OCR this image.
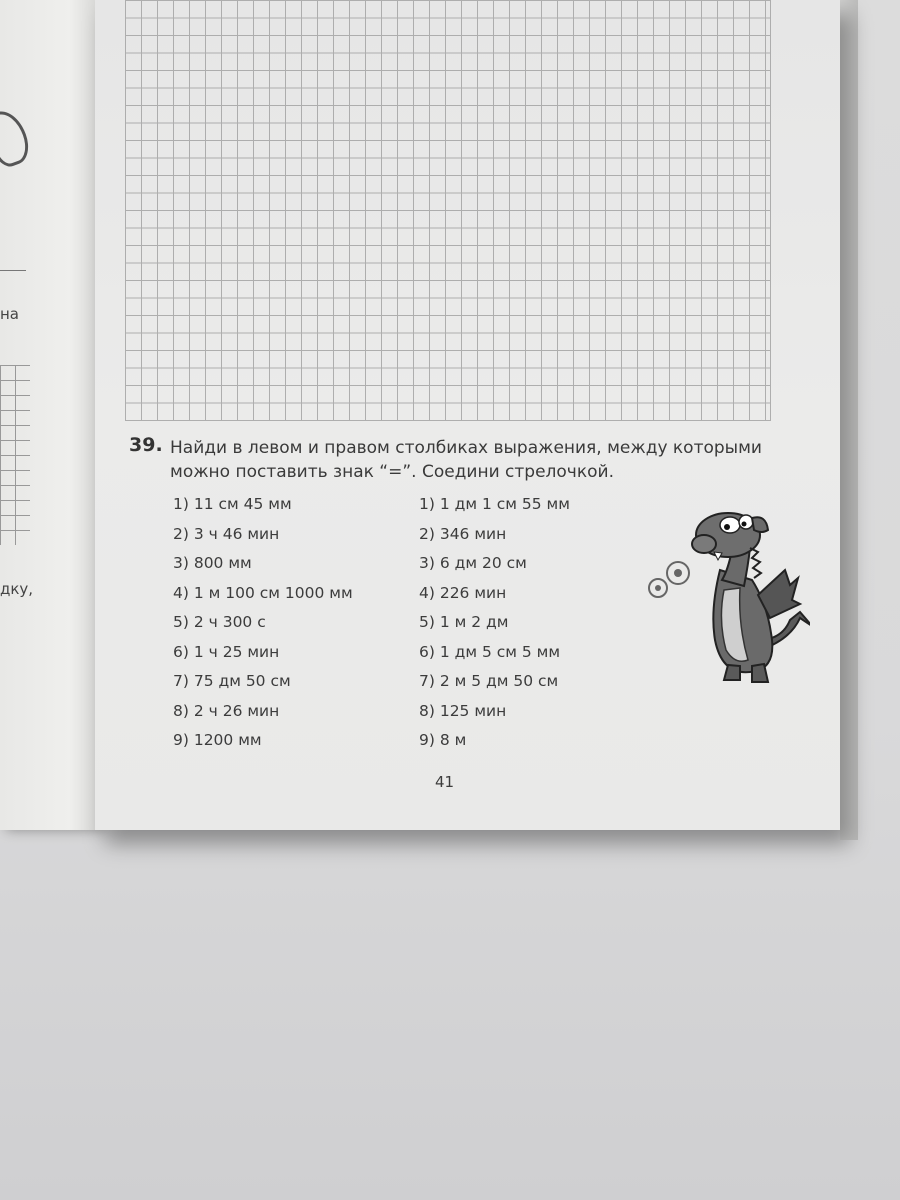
на
дку,
39. Найди в левом и правом столбиках выражения, между которыми можно поставить знак “=”. Соедини стрелочкой.
1) 11 см 45 мм
2) 3 ч 46 мин
3) 800 мм
4) 1 м 100 см 1000 мм
5) 2 ч 300 с
6) 1 ч 25 мин
7) 75 дм 50 см
8) 2 ч 26 мин
9) 1200 мм
1) 1 дм 1 см 55 мм
2) 346 мин
3) 6 дм 20 см
4) 226 мин
5) 1 м 2 дм
6) 1 дм 5 см 5 мм
7) 2 м 5 дм 50 см
8) 125 мин
9) 8 м
41
